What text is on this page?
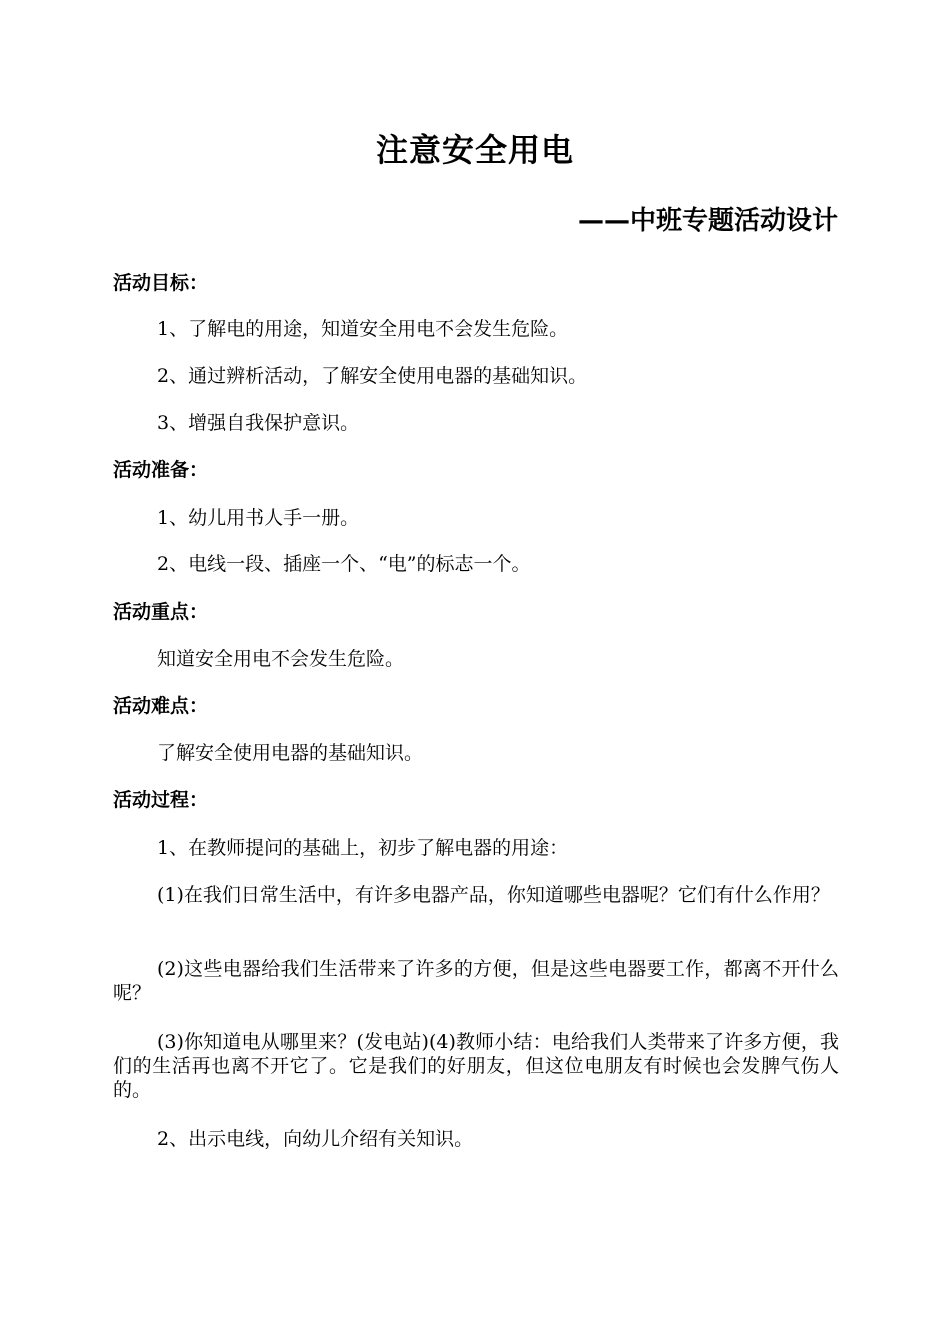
注意安全用电
——中班专题活动设计
活动目标：
1、了解电的用途，知道安全用电不会发生危险。
2、通过辨析活动，了解安全使用电器的基础知识。
3、增强自我保护意识。
活动准备：
1、幼儿用书人手一册。
2、电线一段、插座一个、“电”的标志一个。
活动重点：
知道安全用电不会发生危险。
活动难点：
了解安全使用电器的基础知识。
活动过程：
1、在教师提问的基础上，初步了解电器的用途：
(1)在我们日常生活中，有许多电器产品，你知道哪些电器呢？它们有什么作用？
(2)这些电器给我们生活带来了许多的方便，但是这些电器要工作，都离不开什么呢？
(3)你知道电从哪里来？(发电站)(4)教师小结：电给我们人类带来了许多方便，我们的生活再也离不开它了。它是我们的好朋友，但这位电朋友有时候也会发脾气伤人的。
2、出示电线，向幼儿介绍有关知识。
